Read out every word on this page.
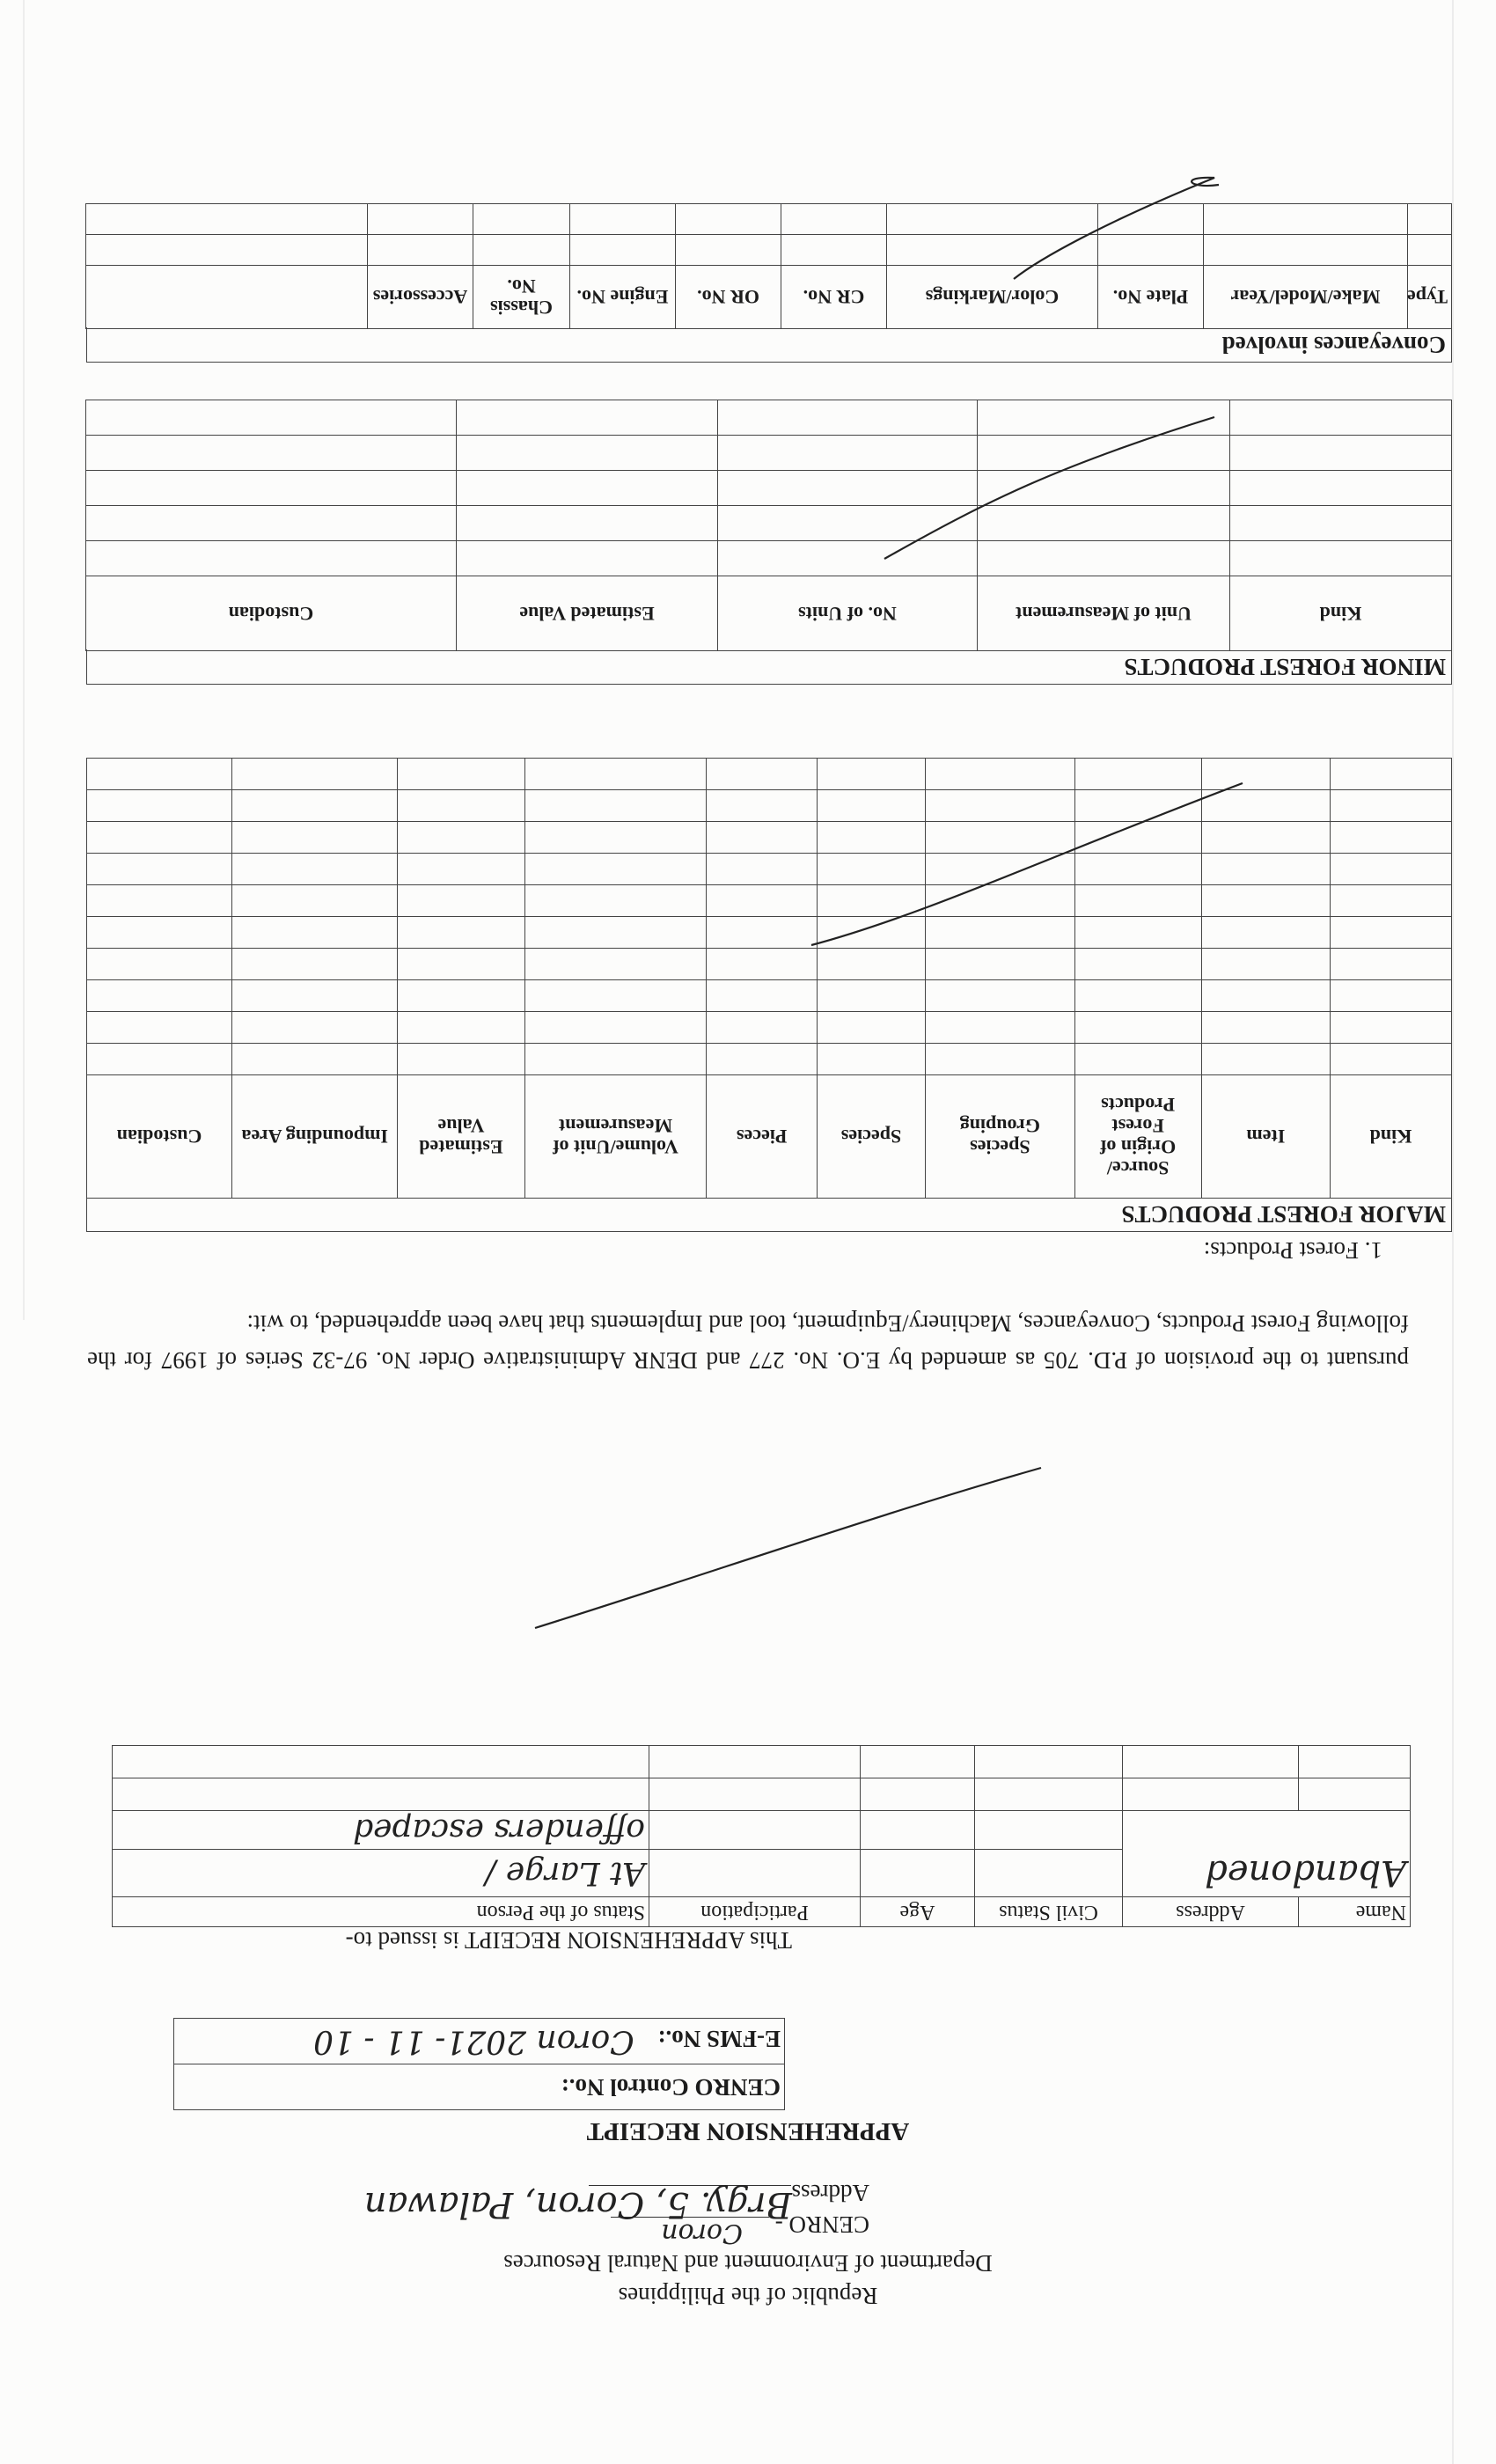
Republic of the Philippines
Department of Environment and Natural Resources
CENRO -
Coron
Address
Brgy. 5, Coron, Palawan
APPREHENSION RECEIPT
CENRO Control No.:
E-FMS No.: Coron 2021- 11 - 10
This APPREHENSION RECEIPT is issued to-
Name	Address	Civil Status	Age	Participation	Status of the Person
Abandoned					At Large /
					offenders escaped

pursuant to the provision of P.D. 705 as amended by E.O. No. 277 and DENR Administrative Order No. 97-32 Series of 1997 for the following Forest Products, Conveyances, Machinery/Equipment, tool and Implements that have been apprehended, to wit:
1. Forest Products:
MAJOR FOREST PRODUCTS
Kind	Item	Source/ Origin of Forest Products	Species Grouping	Species	Pieces	Volume/Unit of Measurement	Estimated Value	Impounding Area	Custodian

MINOR FOREST PRODUCTS
Kind	Unit of Measurement	No. of Units	Estimated Value	Custodian

Conveyances involved
Type	Make/Model/Year	Plate No.	Color/Markings	CR No.	OR No.	Engine No.	Chassis No.	Accessories	
